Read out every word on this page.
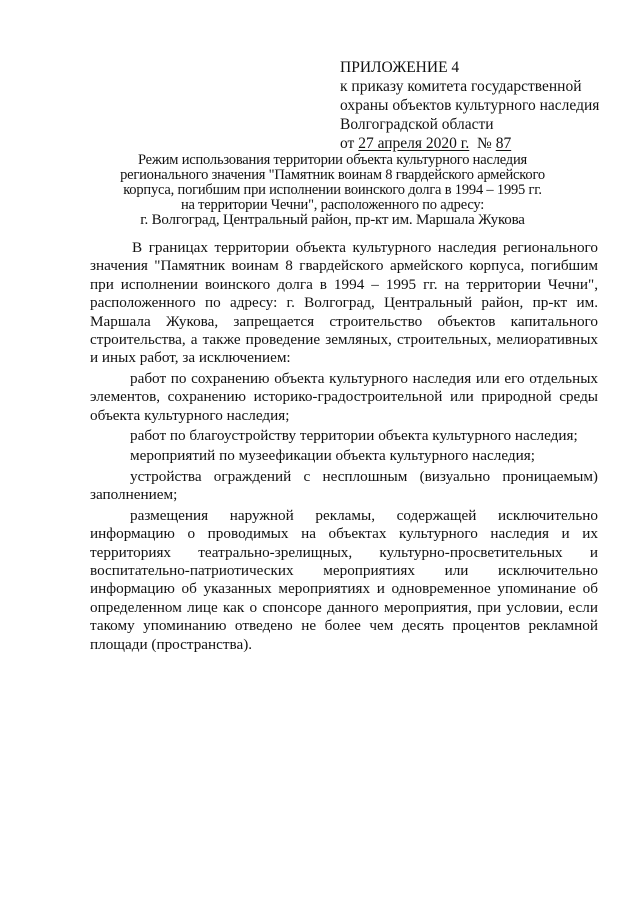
ПРИЛОЖЕНИЕ 4
к приказу комитета государственной
охраны объектов культурного наследия
Волгоградской области
от 27 апреля 2020 г. № 87
Режим использования территории объекта культурного наследия
регионального значения "Памятник воинам 8 гвардейского армейского
корпуса, погибшим при исполнении воинского долга в 1994 – 1995 гг.
на территории Чечни", расположенного по адресу:
г. Волгоград, Центральный район, пр-кт им. Маршала Жукова

В границах территории объекта культурного наследия регионального значения "Памятник воинам 8 гвардейского армейского корпуса, погибшим при исполнении воинского долга в 1994 – 1995 гг. на территории Чечни", расположенного по адресу: г. Волгоград, Центральный район, пр-кт им. Маршала Жукова, запрещается строительство объектов капитального строительства, а также проведение земляных, строительных, мелиоративных и иных работ, за исключением:

работ по сохранению объекта культурного наследия или его отдельных элементов, сохранению историко-градостроительной или природной среды объекта культурного наследия;

работ по благоустройству территории объекта культурного наследия;

мероприятий по музеефикации объекта культурного наследия;

устройства ограждений с несплошным (визуально проницаемым) заполнением;

размещения наружной рекламы, содержащей исключительно информацию о проводимых на объектах культурного наследия и их территориях театрально-зрелищных, культурно-просветительных и воспитательно-патриотических мероприятиях или исключительно информацию об указанных мероприятиях и одновременное упоминание об определенном лице как о спонсоре данного мероприятия, при условии, если такому упоминанию отведено не более чем десять процентов рекламной площади (пространства).
